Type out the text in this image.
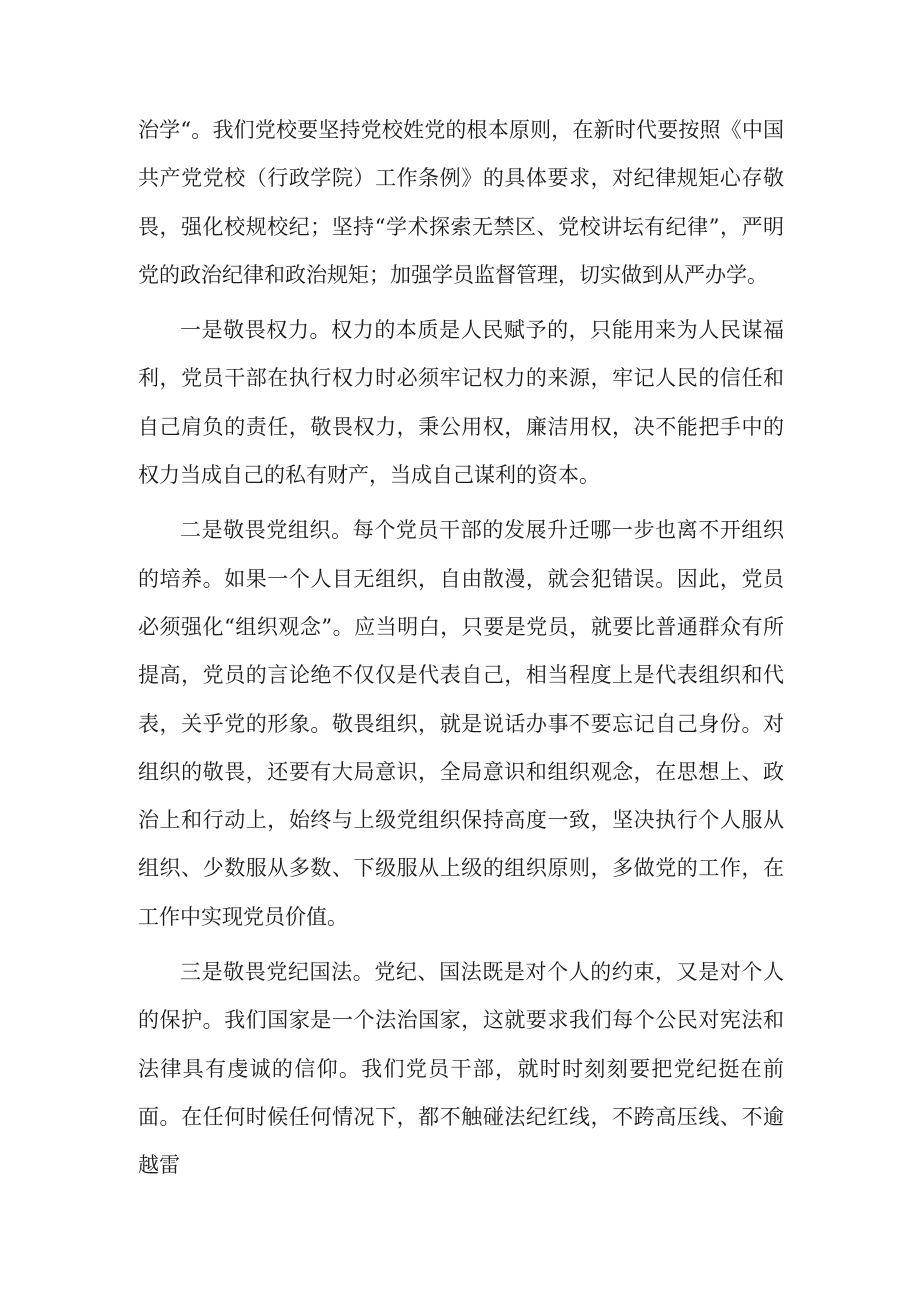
治学“。我们党校要坚持党校姓党的根本原则，在新时代要按照《中国共产党党校（行政学院）工作条例》的具体要求，对纪律规矩心存敬畏，强化校规校纪；坚持“学术探索无禁区、党校讲坛有纪律”，严明党的政治纪律和政治规矩；加强学员监督管理，切实做到从严办学。

一是敬畏权力。权力的本质是人民赋予的，只能用来为人民谋福利，党员干部在执行权力时必须牢记权力的来源，牢记人民的信任和自己肩负的责任，敬畏权力，秉公用权，廉洁用权，决不能把手中的权力当成自己的私有财产，当成自己谋利的资本。

二是敬畏党组织。每个党员干部的发展升迁哪一步也离不开组织的培养。如果一个人目无组织，自由散漫，就会犯错误。因此，党员必须强化“组织观念”。应当明白，只要是党员，就要比普通群众有所提高，党员的言论绝不仅仅是代表自己，相当程度上是代表组织和代表，关乎党的形象。敬畏组织，就是说话办事不要忘记自己身份。对组织的敬畏，还要有大局意识，全局意识和组织观念，在思想上、政治上和行动上，始终与上级党组织保持高度一致，坚决执行个人服从组织、少数服从多数、下级服从上级的组织原则，多做党的工作，在工作中实现党员价值。

三是敬畏党纪国法。党纪、国法既是对个人的约束，又是对个人的保护。我们国家是一个法治国家，这就要求我们每个公民对宪法和法律具有虔诚的信仰。我们党员干部，就时时刻刻要把党纪挺在前面。在任何时候任何情况下，都不触碰法纪红线，不跨高压线、不逾越雷
